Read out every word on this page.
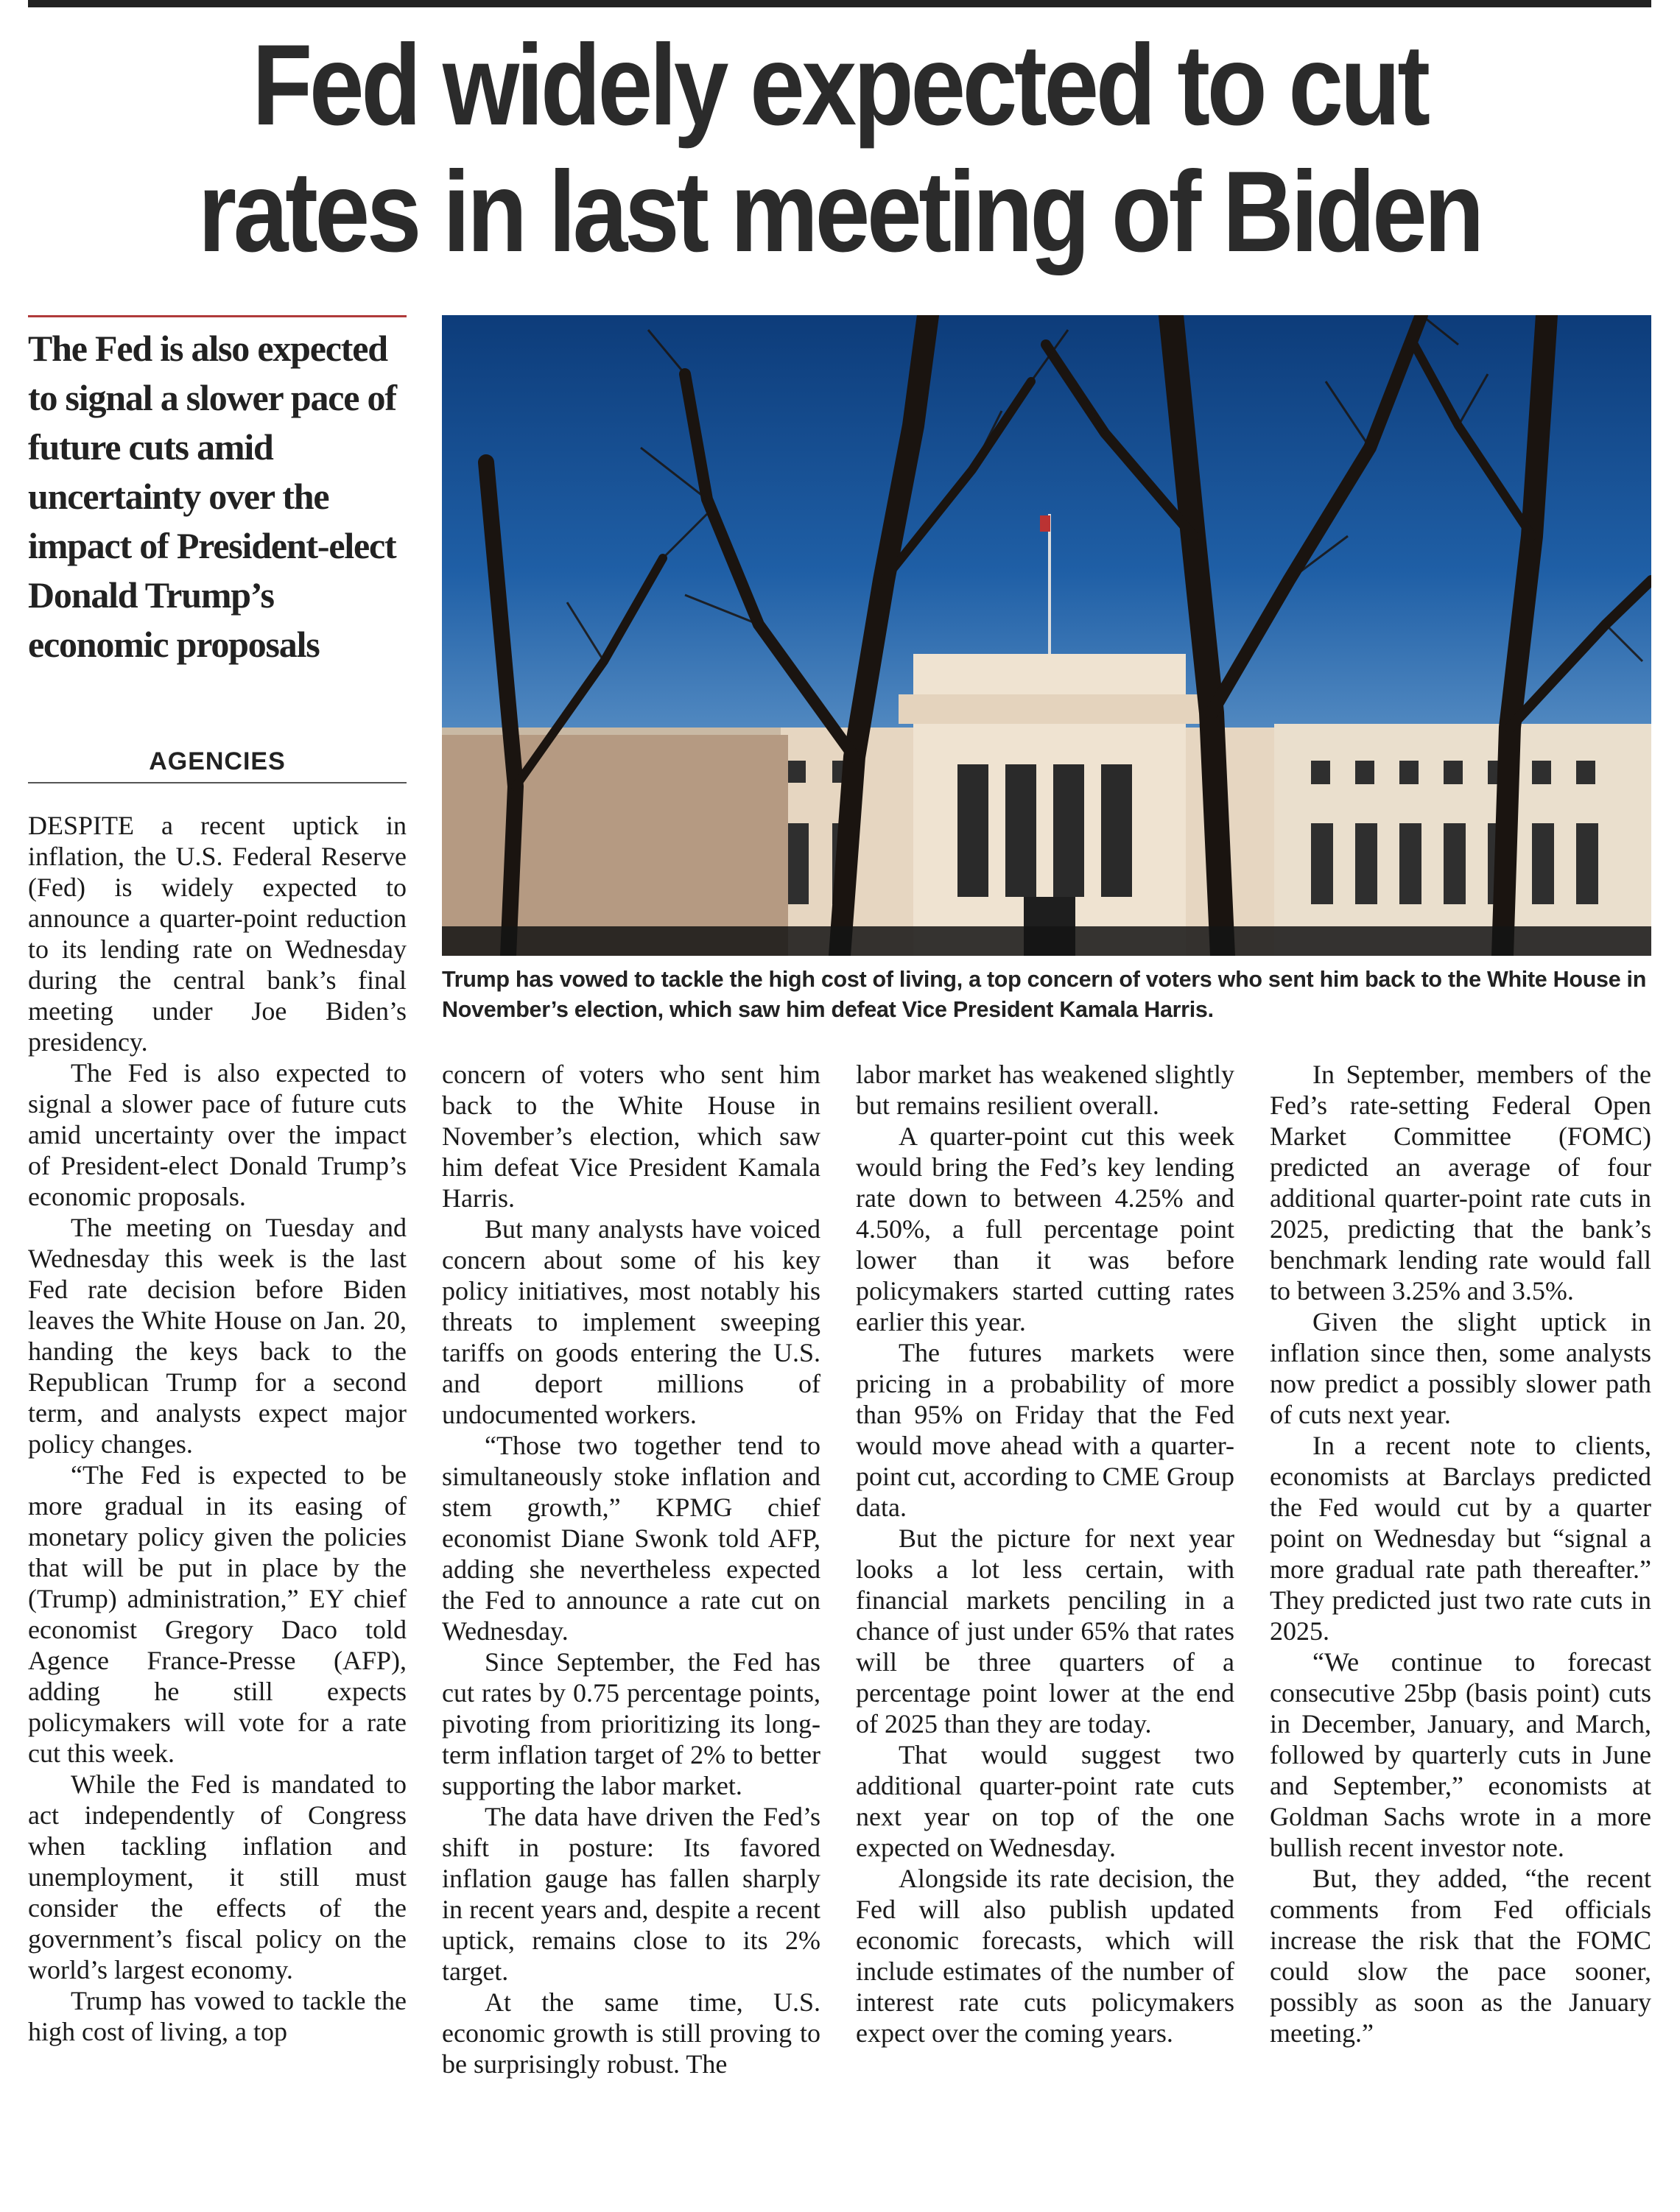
Fed widely expected to cut rates in last meeting of Biden
The Fed is also expected to signal a slower pace of future cuts amid uncertainty over the impact of President-elect Donald Trump’s economic proposals
AGENCIES

Trump has vowed to tackle the high cost of living, a top concern of voters who sent him back to the White House in November’s election, which saw him defeat Vice President Kamala Harris.

DESPITE a recent uptick in inflation, the U.S. Federal Reserve (Fed) is widely expected to announce a quarter-point reduction to its lending rate on Wednesday during the central bank’s final meeting under Joe Biden’s presidency.

The Fed is also expected to signal a slower pace of future cuts amid uncertainty over the impact of President-elect Donald Trump’s economic proposals.

The meeting on Tuesday and Wednesday this week is the last Fed rate decision before Biden leaves the White House on Jan. 20, handing the keys back to the Republican Trump for a second term, and analysts expect major policy changes.

“The Fed is expected to be more gradual in its easing of monetary policy given the policies that will be put in place by the (Trump) administration,” EY chief economist Gregory Daco told Agence France-Presse (AFP), adding he still expects policymakers will vote for a rate cut this week.

While the Fed is mandated to act independently of Congress when tackling inflation and unemployment, it still must consider the effects of the government’s fiscal policy on the world’s largest economy.

Trump has vowed to tackle the high cost of living, a top

concern of voters who sent him back to the White House in November’s election, which saw him defeat Vice President Kamala Harris.

But many analysts have voiced concern about some of his key policy initiatives, most notably his threats to implement sweeping tariffs on goods entering the U.S. and deport millions of undocumented workers.

“Those two together tend to simultaneously stoke inflation and stem growth,” KPMG chief economist Diane Swonk told AFP, adding she nevertheless expected the Fed to announce a rate cut on Wednesday.

Since September, the Fed has cut rates by 0.75 percentage points, pivoting from prioritizing its long-term inflation target of 2% to better supporting the labor market.

The data have driven the Fed’s shift in posture: Its favored inflation gauge has fallen sharply in recent years and, despite a recent uptick, remains close to its 2% target.

At the same time, U.S. economic growth is still proving to be surprisingly robust. The

labor market has weakened slightly but remains resilient overall.

A quarter-point cut this week would bring the Fed’s key lending rate down to between 4.25% and 4.50%, a full percentage point lower than it was before policymakers started cutting rates earlier this year.

The futures markets were pricing in a probability of more than 95% on Friday that the Fed would move ahead with a quarter-point cut, according to CME Group data.

But the picture for next year looks a lot less certain, with financial markets penciling in a chance of just under 65% that rates will be three quarters of a percentage point lower at the end of 2025 than they are today.

That would suggest two additional quarter-point rate cuts next year on top of the one expected on Wednesday.

Alongside its rate decision, the Fed will also publish updated economic forecasts, which will include estimates of the number of interest rate cuts policymakers expect over the coming years.

In September, members of the Fed’s rate-setting Federal Open Market Committee (FOMC) predicted an average of four additional quarter-point rate cuts in 2025, predicting that the bank’s benchmark lending rate would fall to between 3.25% and 3.5%.

Given the slight uptick in inflation since then, some analysts now predict a possibly slower path of cuts next year.

In a recent note to clients, economists at Barclays predicted the Fed would cut by a quarter point on Wednesday but “signal a more gradual rate path thereafter.” They predicted just two rate cuts in 2025.

“We continue to forecast consecutive 25bp (basis point) cuts in December, January, and March, followed by quarterly cuts in June and September,” economists at Goldman Sachs wrote in a more bullish recent investor note.

But, they added, “the recent comments from Fed officials increase the risk that the FOMC could slow the pace sooner, possibly as soon as the January meeting.”
